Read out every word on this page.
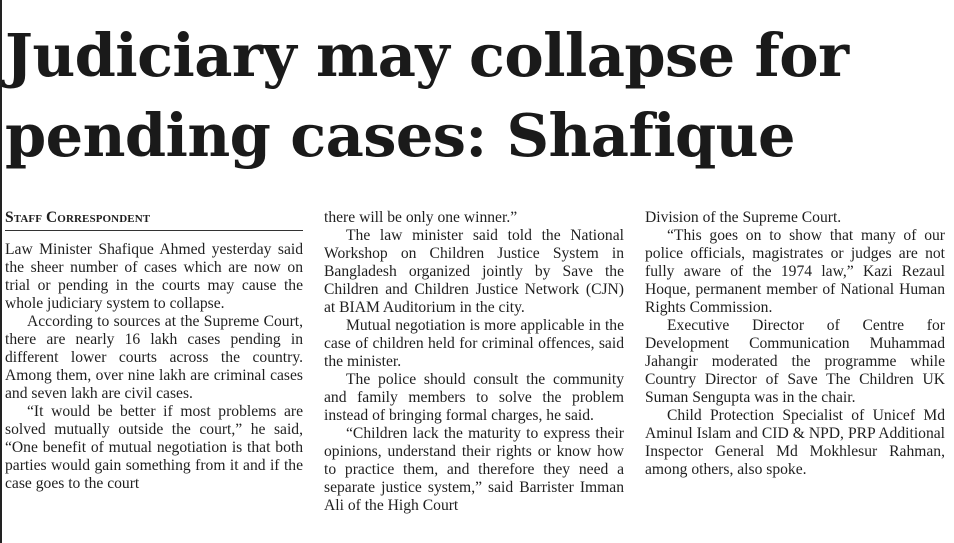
Judiciary may collapse for
pending cases: Shafique
Staff Correspondent

Law Minister Shafique Ahmed yesterday said the sheer number of cases which are now on trial or pending in the courts may cause the whole judiciary system to collapse.

According to sources at the Supreme Court, there are nearly 16 lakh cases pending in different lower courts across the country. Among them, over nine lakh are criminal cases and seven lakh are civil cases.

“It would be better if most problems are solved mutually outside the court,” he said, “One benefit of mutual negotiation is that both parties would gain something from it and if the case goes to the court

there will be only one winner.”

The law minister said told the National Workshop on Children Justice System in Bangladesh organized jointly by Save the Children and Children Justice Network (CJN) at BIAM Auditorium in the city.

Mutual negotiation is more applicable in the case of children held for criminal offences, said the minister.

The police should consult the community and family members to solve the problem instead of bringing formal charges, he said.

“Children lack the maturity to express their opinions, understand their rights or know how to practice them, and therefore they need a separate justice system,” said Barrister Imman Ali of the High Court

Division of the Supreme Court.

“This goes on to show that many of our police officials, magistrates or judges are not fully aware of the 1974 law,” Kazi Rezaul Hoque, permanent member of National Human Rights Commission.

Executive Director of Centre for Development Communication Muhammad Jahangir moderated the programme while Country Director of Save The Children UK Suman Sengupta was in the chair.

Child Protection Specialist of Unicef Md Aminul Islam and CID & NPD, PRP Additional Inspector General Md Mokhlesur Rahman, among others, also spoke.
